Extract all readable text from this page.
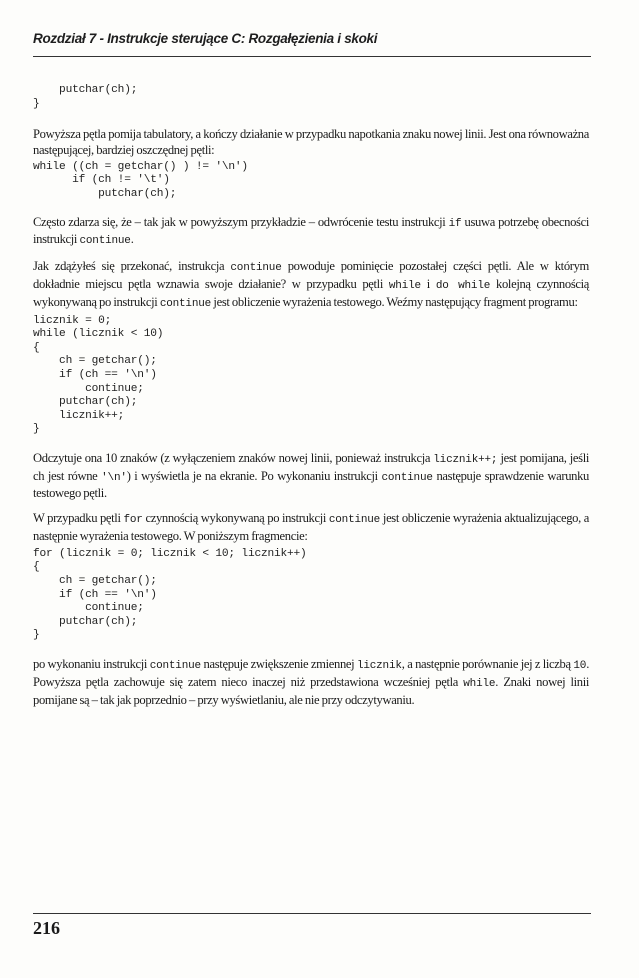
Rozdział 7 - Instrukcje sterujące C: Rozgałęzienia i skoki
putchar(ch);
}

Powyższa pętla pomija tabulatory, a kończy działanie w przypadku napotkania znaku nowej linii. Jest ona równoważna następującej, bardziej oszczędnej pętli:

while ((ch = getchar() ) != '\n')
if (ch != '\t')
putchar(ch);

Często zdarza się, że – tak jak w powyższym przykładzie – odwrócenie testu instrukcji if usuwa potrzebę obecności instrukcji continue.

Jak zdążyłeś się przekonać, instrukcja continue powoduje pominięcie pozostałej części pętli. Ale w którym dokładnie miejscu pętla wznawia swoje działanie? w przypadku pętli while i do while kolejną czynnością wykonywaną po instrukcji continue jest obliczenie wyrażenia testowego. Weźmy następujący fragment programu:

licznik = 0;
while (licznik < 10)
{
ch = getchar();
if (ch == '\n')
continue;
putchar(ch);
licznik++;
}

Odczytuje ona 10 znaków (z wyłączeniem znaków nowej linii, ponieważ instrukcja licznik++; jest pomijana, jeśli ch jest równe '\n') i wyświetla je na ekranie. Po wykonaniu instrukcji continue następuje sprawdzenie warunku testowego pętli.

W przypadku pętli for czynnością wykonywaną po instrukcji continue jest obliczenie wyrażenia aktualizującego, a następnie wyrażenia testowego. W poniższym fragmencie:

for (licznik = 0; licznik < 10; licznik++)
{
ch = getchar();
if (ch == '\n')
continue;
putchar(ch);
}

po wykonaniu instrukcji continue następuje zwiększenie zmiennej licznik, a następnie porównanie jej z liczbą 10. Powyższa pętla zachowuje się zatem nieco inaczej niż przedstawiona wcześniej pętla while. Znaki nowej linii pomijane są – tak jak poprzednio – przy wyświetlaniu, ale nie przy odczytywaniu.

216
